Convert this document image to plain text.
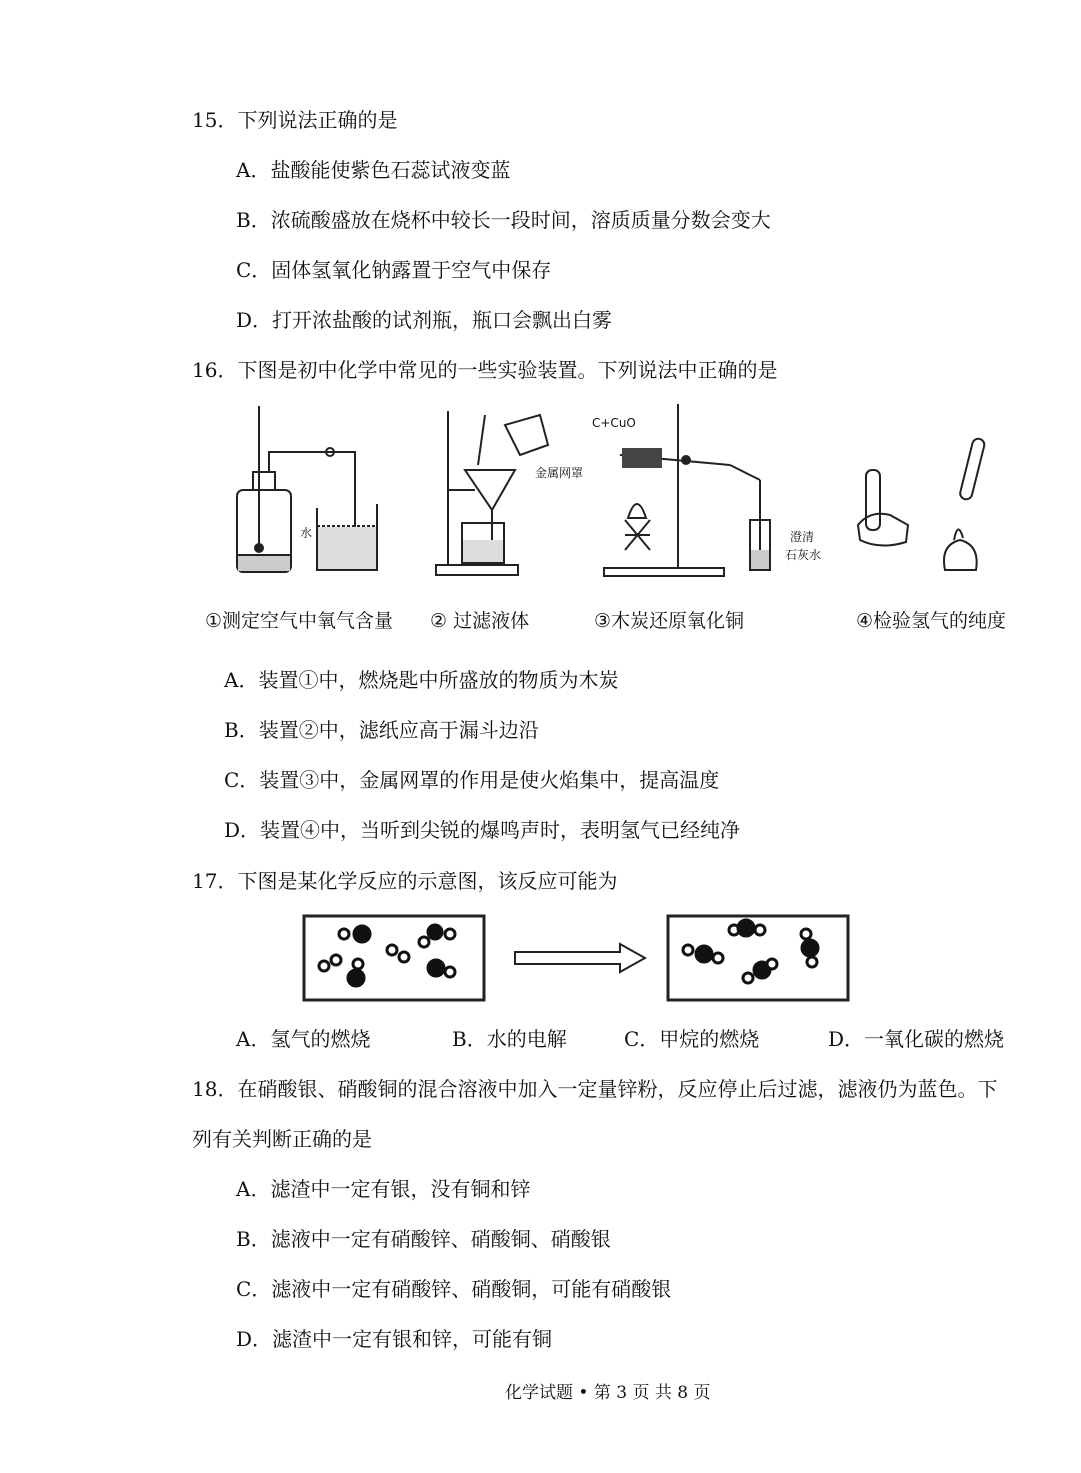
15．下列说法正确的是
A．盐酸能使紫色石蕊试液变蓝
B．浓硫酸盛放在烧杯中较长一段时间，溶质质量分数会变大
C．固体氢氧化钠露置于空气中保存
D．打开浓盐酸的试剂瓶，瓶口会飘出白雾
16．下图是初中化学中常见的一些实验装置。下列说法中正确的是
水
C+CuO
金属网罩
澄清
石灰水
①测定空气中氧气含量 ② 过滤液体	③木炭还原氧化铜	④检验氢气的纯度
A．装置①中，燃烧匙中所盛放的物质为木炭
B．装置②中，滤纸应高于漏斗边沿
C．装置③中，金属网罩的作用是使火焰集中，提高温度
D．装置④中，当听到尖锐的爆鸣声时，表明氢气已经纯净
17．下图是某化学反应的示意图，该反应可能为
A．氢气的燃烧	B．水的电解	C．甲烷的燃烧	D．一氧化碳的燃烧
18．在硝酸银、硝酸铜的混合溶液中加入一定量锌粉，反应停止后过滤，滤液仍为蓝色。下
列有关判断正确的是
A．滤渣中一定有银，没有铜和锌
B．滤液中一定有硝酸锌、硝酸铜、硝酸银
C．滤液中一定有硝酸锌、硝酸铜，可能有硝酸银
D．滤渣中一定有银和锌，可能有铜
化学试题 • 第 3 页 共 8 页
